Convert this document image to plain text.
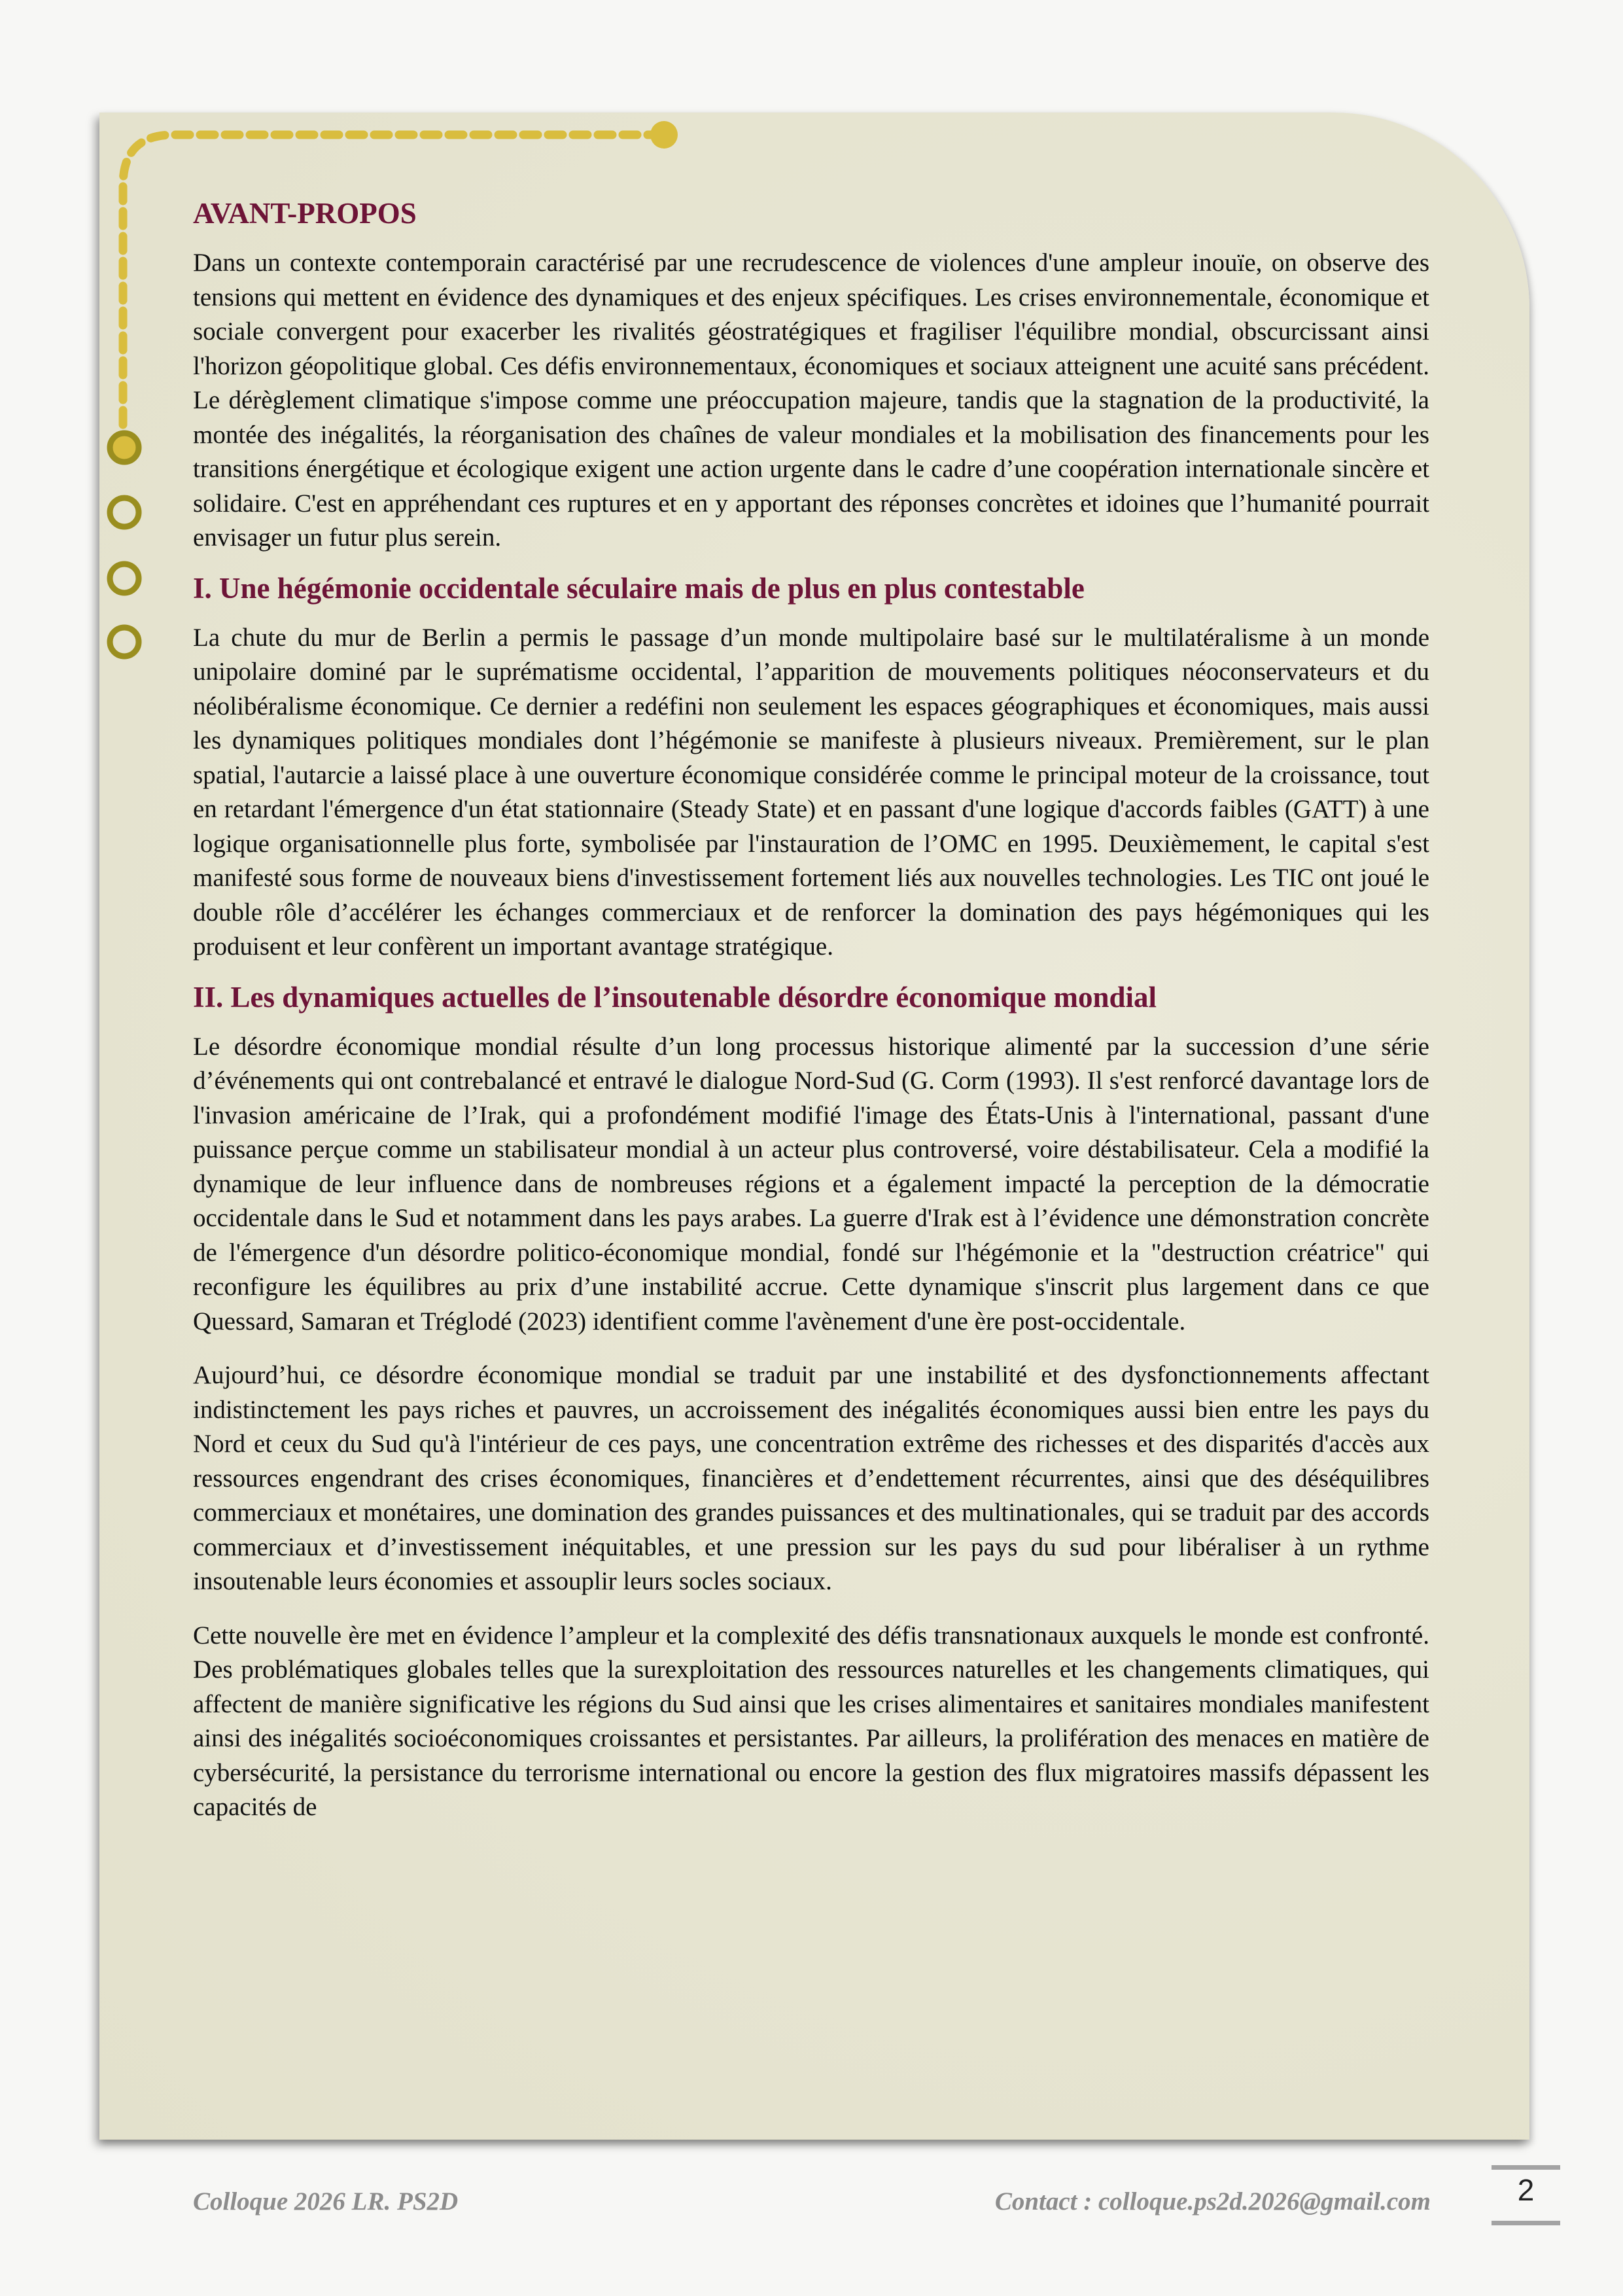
AVANT-PROPOS

Dans un contexte contemporain caractérisé par une recrudescence de violences d'une ampleur inouïe, on observe des tensions qui mettent en évidence des dynamiques et des enjeux spécifiques. Les crises environnementale, économique et sociale convergent pour exacerber les rivalités géostratégiques et fragiliser l'équilibre mondial, obscurcissant ainsi l'horizon géopolitique global. Ces défis environnementaux, économiques et sociaux atteignent une acuité sans précédent. Le dérèglement climatique s'impose comme une préoccupation majeure, tandis que la stagnation de la productivité, la montée des inégalités, la réorganisation des chaînes de valeur mondiales et la mobilisation des financements pour les transitions énergétique et écologique exigent une action urgente dans le cadre d’une coopération internationale sincère et solidaire. C'est en appréhendant ces ruptures et en y apportant des réponses concrètes et idoines que l’humanité pourrait envisager un futur plus serein.

I. Une hégémonie occidentale séculaire mais de plus en plus contestable

La chute du mur de Berlin a permis le passage d’un monde multipolaire basé sur le multilatéralisme à un monde unipolaire dominé par le suprématisme occidental, l’apparition de mouvements politiques néoconservateurs et du néolibéralisme économique. Ce dernier a redéfini non seulement les espaces géographiques et économiques, mais aussi les dynamiques politiques mondiales dont l’hégémonie se manifeste à plusieurs niveaux. Premièrement, sur le plan spatial, l'autarcie a laissé place à une ouverture économique considérée comme le principal moteur de la croissance, tout en retardant l'émergence d'un état stationnaire (Steady State) et en passant d'une logique d'accords faibles (GATT) à une logique organisationnelle plus forte, symbolisée par l'instauration de l’OMC en 1995. Deuxièmement, le capital s'est manifesté sous forme de nouveaux biens d'investissement fortement liés aux nouvelles technologies. Les TIC ont joué le double rôle d’accélérer les échanges commerciaux et de renforcer la domination des pays hégémoniques qui les produisent et leur confèrent un important avantage stratégique.

II. Les dynamiques actuelles de l’insoutenable désordre économique mondial

Le désordre économique mondial résulte d’un long processus historique alimenté par la succession d’une série d’événements qui ont contrebalancé et entravé le dialogue Nord-Sud (G. Corm (1993). Il s'est renforcé davantage lors de l'invasion américaine de l’Irak, qui a profondément modifié l'image des États-Unis à l'international, passant d'une puissance perçue comme un stabilisateur mondial à un acteur plus controversé, voire déstabilisateur. Cela a modifié la dynamique de leur influence dans de nombreuses régions et a également impacté la perception de la démocratie occidentale dans le Sud et notamment dans les pays arabes. La guerre d'Irak est à l’évidence une démonstration concrète de l'émergence d'un désordre politico-économique mondial, fondé sur l'hégémonie et la "destruction créatrice" qui reconfigure les équilibres au prix d’une instabilité accrue. Cette dynamique s'inscrit plus largement dans ce que Quessard, Samaran et Tréglodé (2023) identifient comme l'avènement d'une ère post-occidentale.

Aujourd’hui, ce désordre économique mondial se traduit par une instabilité et des dysfonctionnements affectant indistinctement les pays riches et pauvres, un accroissement des inégalités économiques aussi bien entre les pays du Nord et ceux du Sud qu'à l'intérieur de ces pays, une concentration extrême des richesses et des disparités d'accès aux ressources engendrant des crises économiques, financières et d’endettement récurrentes, ainsi que des déséquilibres commerciaux et monétaires, une domination des grandes puissances et des multinationales, qui se traduit par des accords commerciaux et d’investissement inéquitables, et une pression sur les pays du sud pour libéraliser à un rythme insoutenable leurs économies et assouplir leurs socles sociaux.

Cette nouvelle ère met en évidence l’ampleur et la complexité des défis transnationaux auxquels le monde est confronté. Des problématiques globales telles que la surexploitation des ressources naturelles et les changements climatiques, qui affectent de manière significative les régions du Sud ainsi que les crises alimentaires et sanitaires mondiales manifestent ainsi des inégalités socioéconomiques croissantes et persistantes. Par ailleurs, la prolifération des menaces en matière de cybersécurité, la persistance du terrorisme international ou encore la gestion des flux migratoires massifs dépassent les capacités de

Colloque 2026 LR. PS2D	Contact : colloque.ps2d.2026@gmail.com	2
